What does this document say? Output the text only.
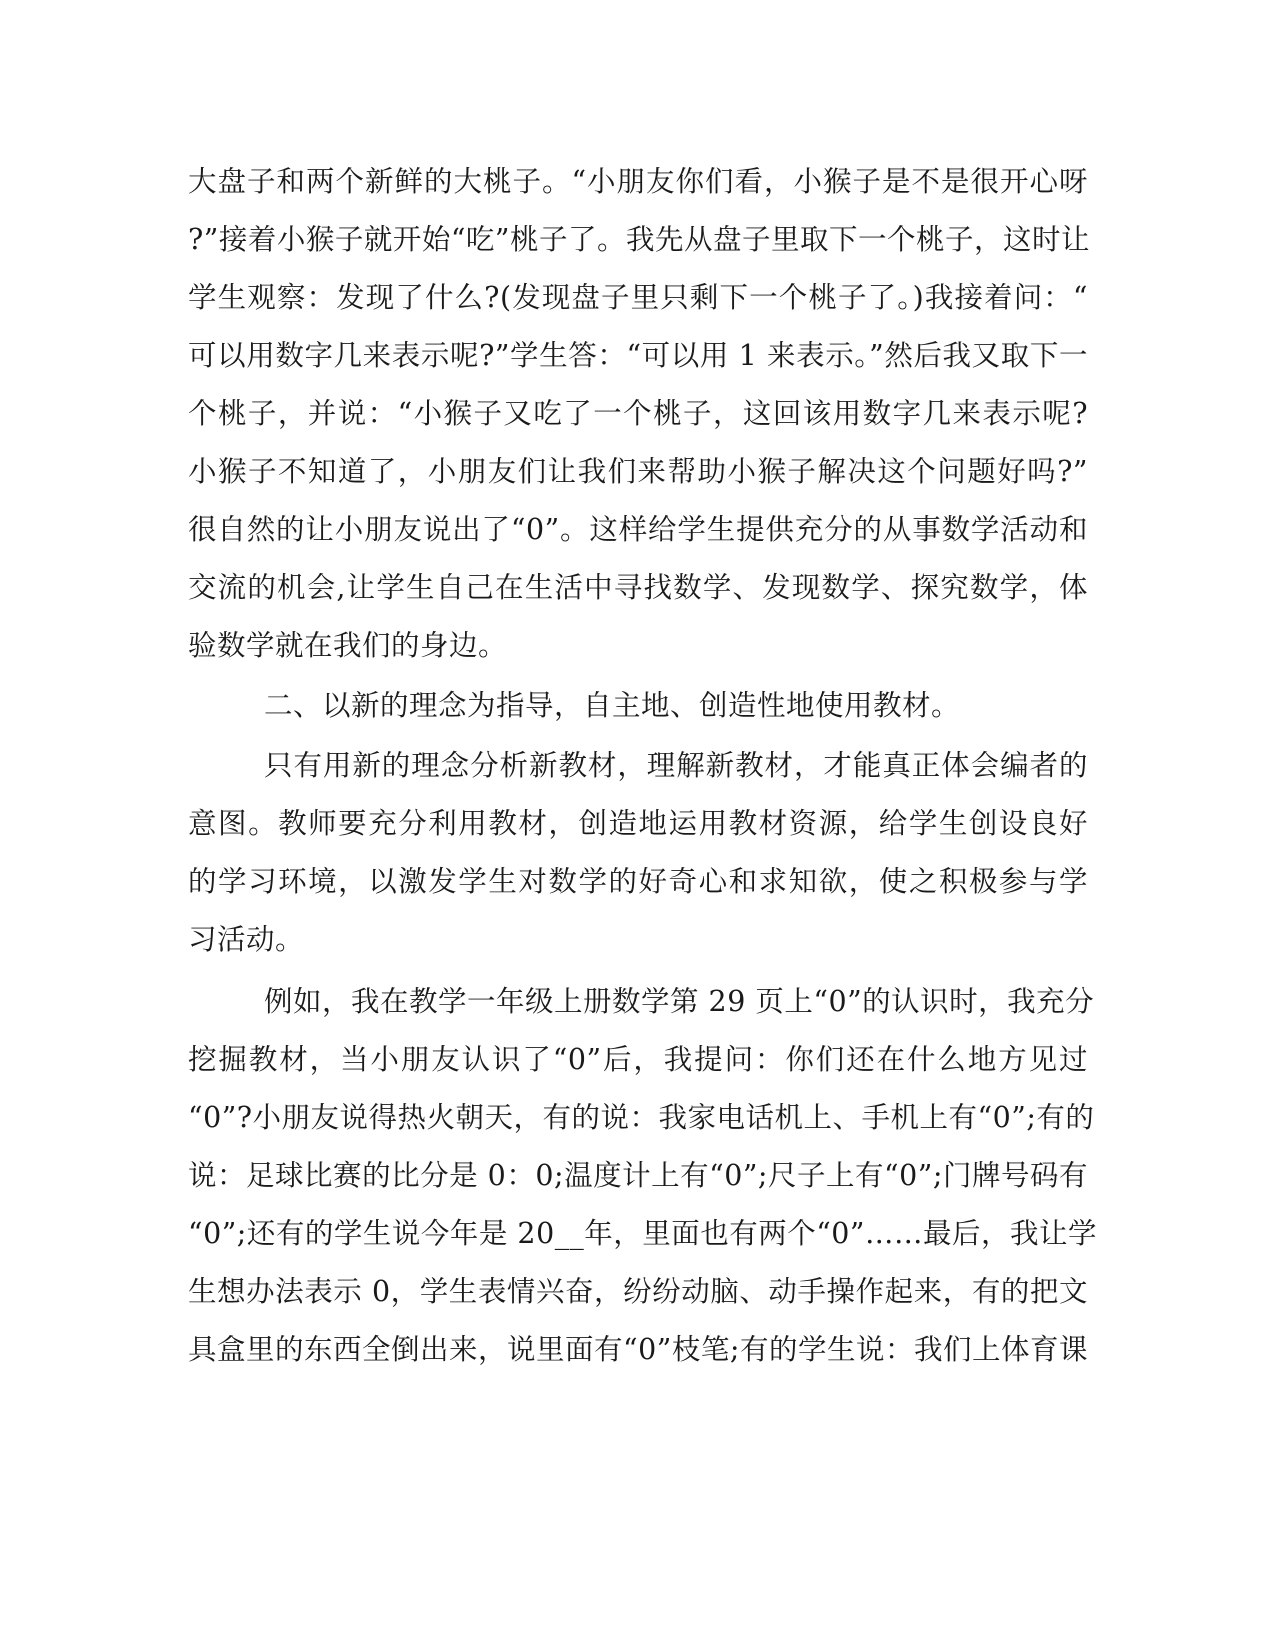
大盘子和两个新鲜的大桃子。“小朋友你们看，小猴子是不是很开心呀
?”接着小猴子就开始“吃”桃子了。我先从盘子里取下一个桃子，这时让
学生观察：发现了什么?(发现盘子里只剩下一个桃子了。)我接着问：“
可以用数字几来表示呢?”学生答：“可以用 1 来表示。”然后我又取下一
个桃子，并说：“小猴子又吃了一个桃子，这回该用数字几来表示呢?
小猴子不知道了，小朋友们让我们来帮助小猴子解决这个问题好吗?”
很自然的让小朋友说出了“0”。这样给学生提供充分的从事数学活动和
交流的机会,让学生自己在生活中寻找数学、发现数学、探究数学，体
验数学就在我们的身边。
二、以新的理念为指导，自主地、创造性地使用教材。
只有用新的理念分析新教材，理解新教材，才能真正体会编者的
意图。教师要充分利用教材，创造地运用教材资源，给学生创设良好
的学习环境，以激发学生对数学的好奇心和求知欲，使之积极参与学
习活动。
例如，我在教学一年级上册数学第 29 页上“0”的认识时，我充分
挖掘教材，当小朋友认识了“0”后，我提问：你们还在什么地方见过
“0”?小朋友说得热火朝天，有的说：我家电话机上、手机上有“0”;有的
说：足球比赛的比分是 0：0;温度计上有“0”;尺子上有“0”;门牌号码有
“0”;还有的学生说今年是 20__年，里面也有两个“0”……最后，我让学
生想办法表示 0，学生表情兴奋，纷纷动脑、动手操作起来，有的把文
具盒里的东西全倒出来，说里面有“0”枝笔;有的学生说：我们上体育课
